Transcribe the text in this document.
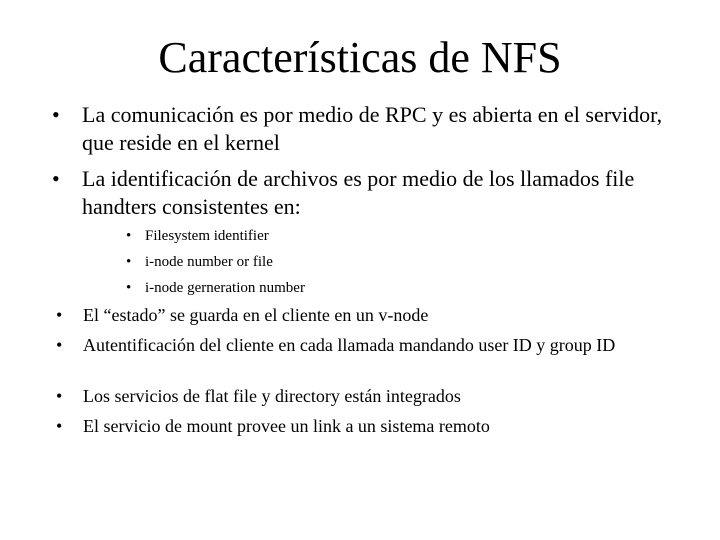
Características de NFS
•	La comunicación es por medio de RPC y es abierta en el servidor, que reside en el kernel
•	La identificación de archivos es por medio de los llamados file handters consistentes en:
• Filesystem identifier
• i-node number or file
• i-node gerneration number
•	El “estado” se guarda en el cliente en un v-node
•	Autentificación del cliente en cada llamada mandando user ID y group ID
•	Los servicios de flat file y directory están integrados
•	El servicio de mount provee un link a un sistema remoto
